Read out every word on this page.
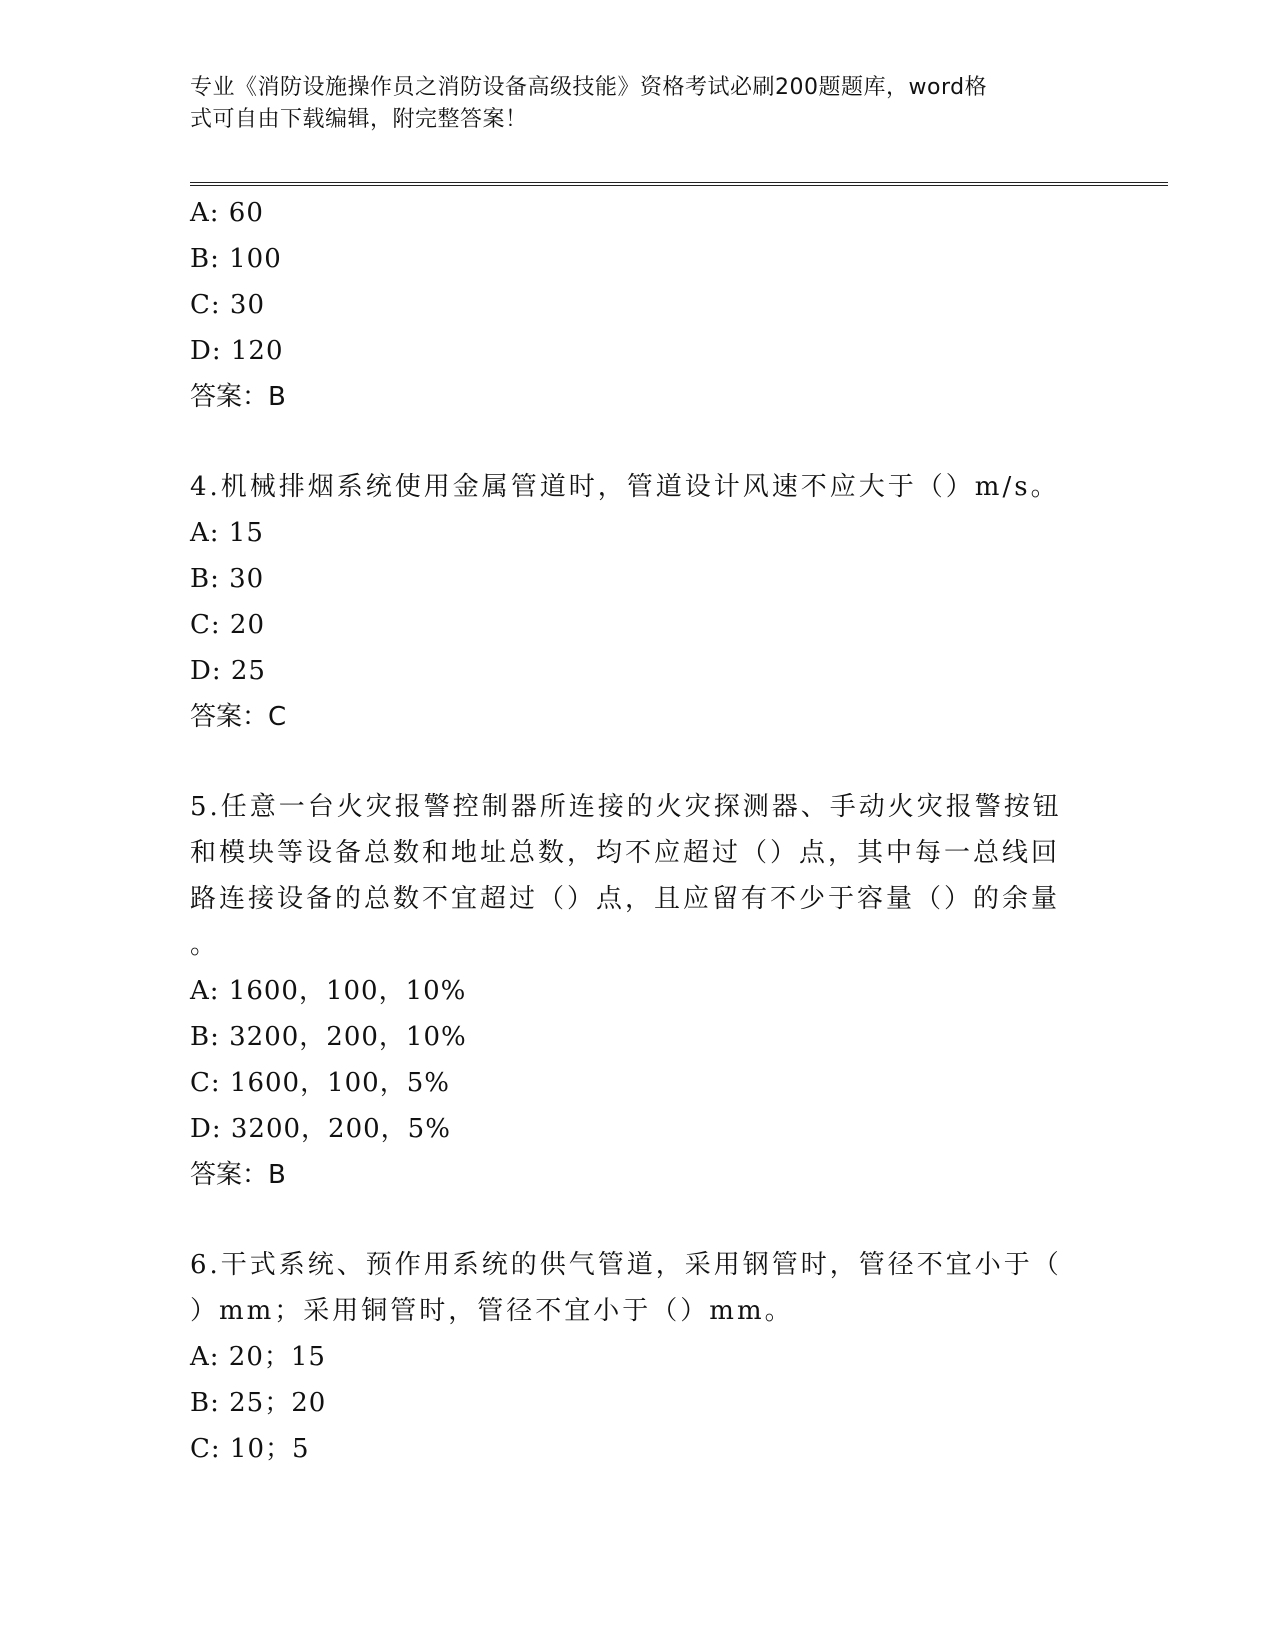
专业《消防设施操作员之消防设备高级技能》资格考试必刷200题题库，word格
式可自由下载编辑，附完整答案！
A: 60
B: 100
C: 30
D: 120
答案：B
4.机械排烟系统使用金属管道时，管道设计风速不应大于（）m/s。
A: 15
B: 30
C: 20
D: 25
答案：C
5.任意一台火灾报警控制器所连接的火灾探测器、手动火灾报警按钮
和模块等设备总数和地址总数，均不应超过（）点，其中每一总线回
路连接设备的总数不宜超过（）点，且应留有不少于容量（）的余量
。
A: 1600，100，10%
B: 3200，200，10%
C: 1600，100，5%
D: 3200，200，5%
答案：B
6.干式系统、预作用系统的供气管道，采用钢管时，管径不宜小于（
）mm；采用铜管时，管径不宜小于（）mm。
A: 20；15
B: 25；20
C: 10；5
